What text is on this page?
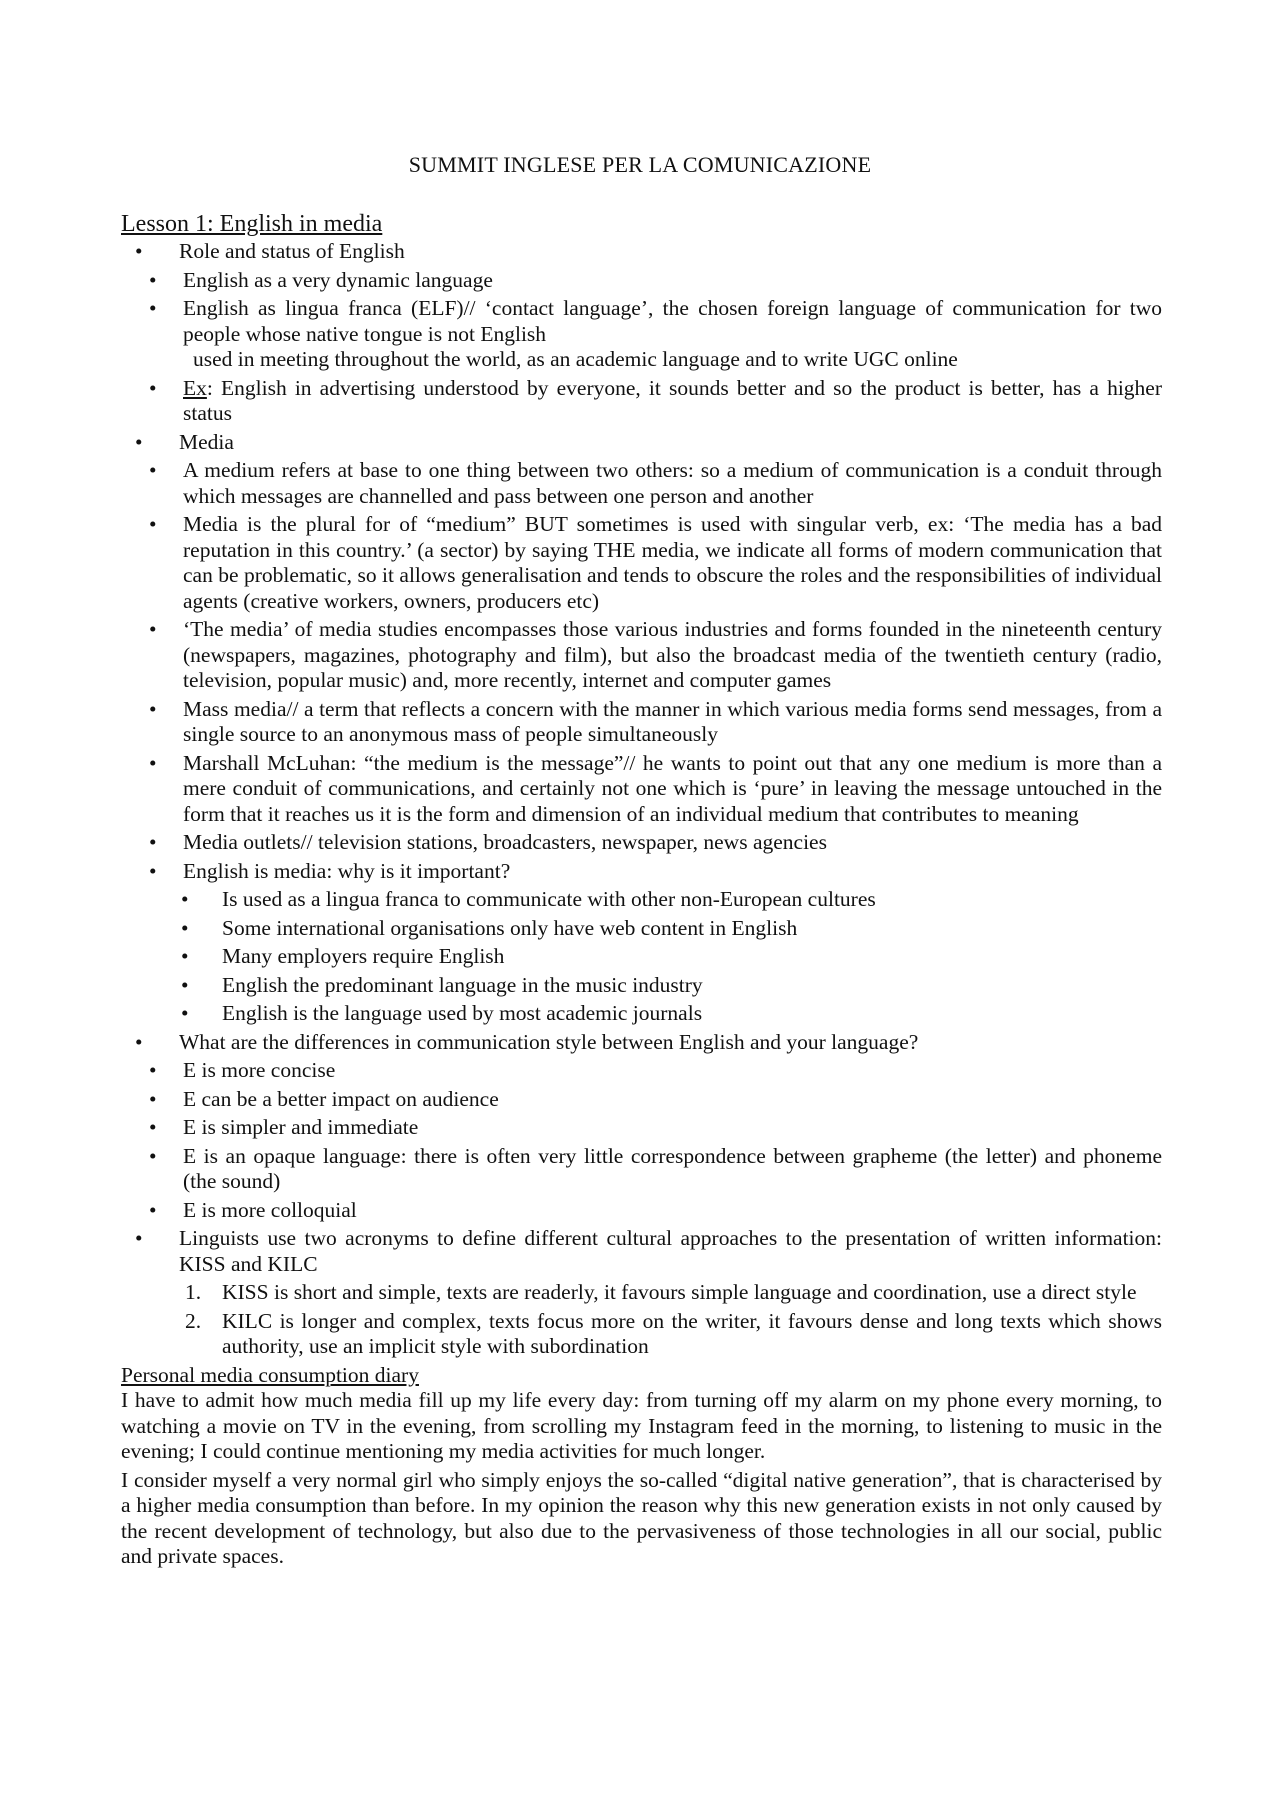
SUMMIT INGLESE PER LA COMUNICAZIONE
Lesson 1: English in media
• Role and status of English
• English as a very dynamic language
• English as lingua franca (ELF)// ‘contact language’, the chosen foreign language of communication for two people whose native tongue is not English
used in meeting throughout the world, as an academic language and to write UGC online
• Ex: English in advertising understood by everyone, it sounds better and so the product is better, has a higher status
• Media
• A medium refers at base to one thing between two others: so a medium of communication is a conduit through which messages are channelled and pass between one person and another
• Media is the plural for of “medium” BUT sometimes is used with singular verb, ex: ‘The media has a bad reputation in this country.’ (a sector) by saying THE media, we indicate all forms of modern communication that can be problematic, so it allows generalisation and tends to obscure the roles and the responsibilities of individual agents (creative workers, owners, producers etc)
• ‘The media’ of media studies encompasses those various industries and forms founded in the nineteenth century (newspapers, magazines, photography and film), but also the broadcast media of the twentieth century (radio, television, popular music) and, more recently, internet and computer games
• Mass media// a term that reflects a concern with the manner in which various media forms send messages, from a single source to an anonymous mass of people simultaneously
• Marshall McLuhan: “the medium is the message”// he wants to point out that any one medium is more than a mere conduit of communications, and certainly not one which is ‘pure’ in leaving the message untouched in the form that it reaches us it is the form and dimension of an individual medium that contributes to meaning
• Media outlets// television stations, broadcasters, newspaper, news agencies
• English is media: why is it important?
• Is used as a lingua franca to communicate with other non-European cultures
• Some international organisations only have web content in English
• Many employers require English
• English the predominant language in the music industry
• English is the language used by most academic journals
• What are the differences in communication style between English and your language?
• E is more concise
• E can be a better impact on audience
• E is simpler and immediate
• E is an opaque language: there is often very little correspondence between grapheme (the letter) and phoneme (the sound)
• E is more colloquial
• Linguists use two acronyms to define different cultural approaches to the presentation of written information: KISS and KILC
1. KISS is short and simple, texts are readerly, it favours simple language and coordination, use a direct style
2. KILC is longer and complex, texts focus more on the writer, it favours dense and long texts which shows authority, use an implicit style with subordination
Personal media consumption diary

I have to admit how much media fill up my life every day: from turning off my alarm on my phone every morning, to watching a movie on TV in the evening, from scrolling my Instagram feed in the morning, to listening to music in the evening; I could continue mentioning my media activities for much longer.

I consider myself a very normal girl who simply enjoys the so-called “digital native generation”, that is characterised by a higher media consumption than before. In my opinion the reason why this new generation exists in not only caused by the recent development of technology, but also due to the pervasiveness of those technologies in all our social, public and private spaces.
